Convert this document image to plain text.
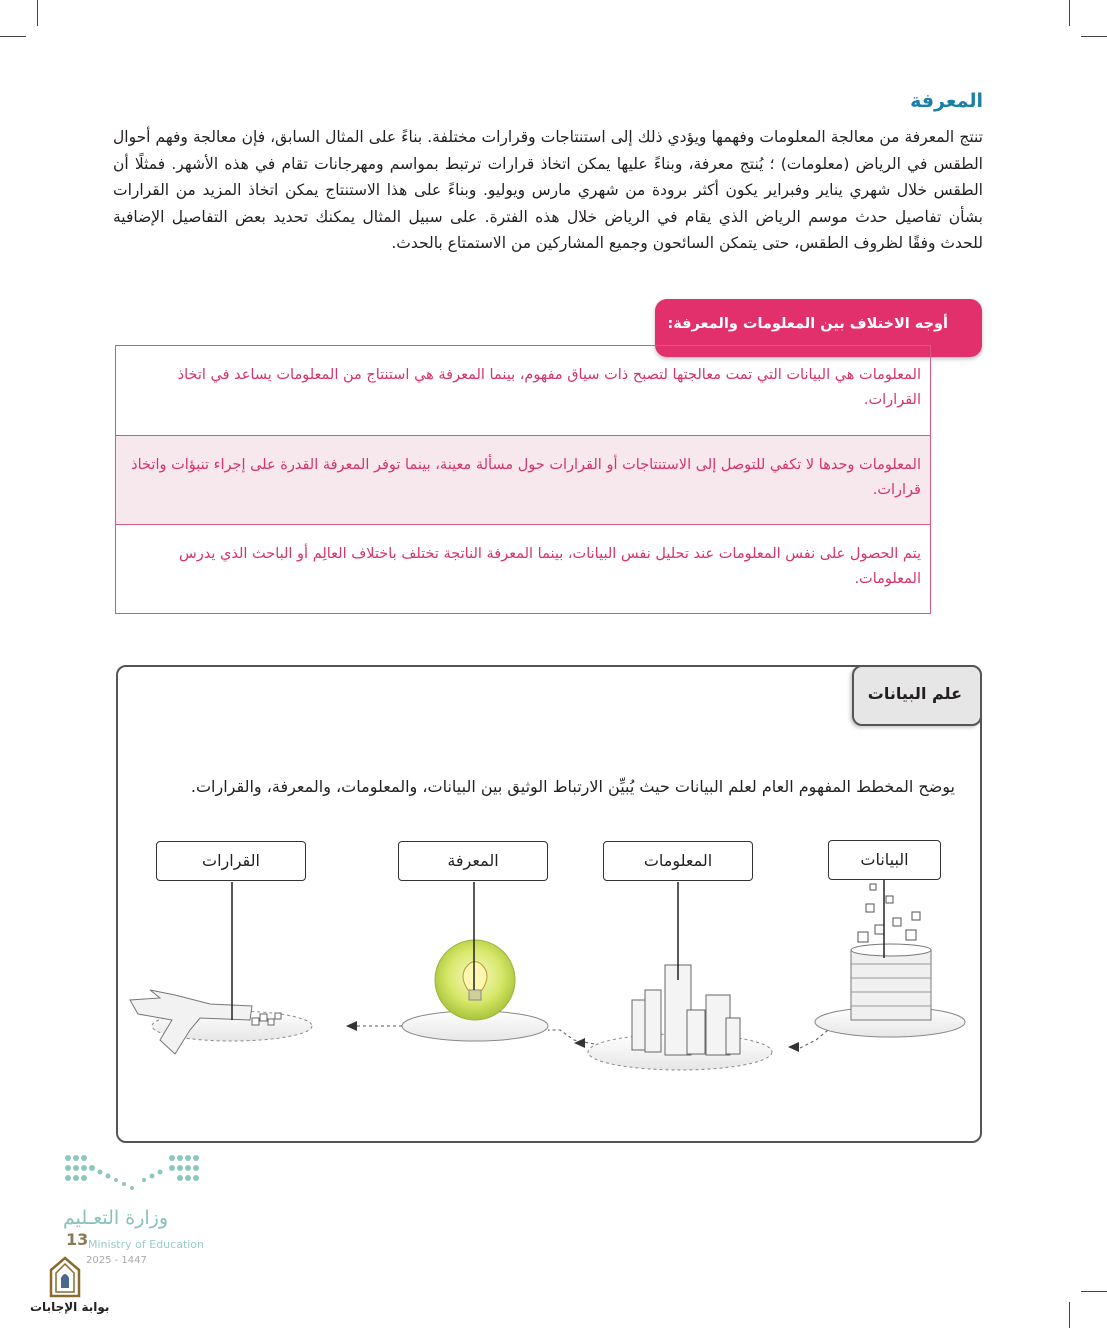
المعرفة
تنتج المعرفة من معالجة المعلومات وفهمها ويؤدي ذلك إلى استنتاجات وقرارات مختلفة. بناءً على المثال السابق، فإن معالجة وفهم أحوال الطقس في الرياض (معلومات) ؛ يُنتج معرفة، وبناءً عليها يمكن اتخاذ قرارات ترتبط بمواسم ومهرجانات تقام في هذه الأشهر. فمثلًا أن الطقس خلال شهري يناير وفبراير يكون أكثر برودة من شهري مارس ويوليو. وبناءً على هذا الاستنتاج يمكن اتخاذ المزيد من القرارات بشأن تفاصيل حدث موسم الرياض الذي يقام في الرياض خلال هذه الفترة. على سبيل المثال يمكنك تحديد بعض التفاصيل الإضافية للحدث وفقًا لظروف الطقس، حتى يتمكن السائحون وجميع المشاركين من الاستمتاع بالحدث.
أوجه الاختلاف بين المعلومات والمعرفة:
المعلومات هي البيانات التي تمت معالجتها لتصبح ذات سياق مفهوم، بينما المعرفة هي استنتاج من المعلومات يساعد في اتخاذ القرارات.
المعلومات وحدها لا تكفي للتوصل إلى الاستنتاجات أو القرارات حول مسألة معينة، بينما توفر المعرفة القدرة على إجراء تنبؤات واتخاذ قرارات.
يتم الحصول على نفس المعلومات عند تحليل نفس البيانات، بينما المعرفة الناتجة تختلف باختلاف العالِم أو الباحث الذي يدرس المعلومات.
علم البيانات
يوضح المخطط المفهوم العام لعلم البيانات حيث يُبيِّن الارتباط الوثيق بين البيانات، والمعلومات، والمعرفة، والقرارات.
البيانات
المعلومات
المعرفة
القرارات
وزارة التعـليم
Ministry of Education
2025 - 1447
13
بوابة الإجابات
